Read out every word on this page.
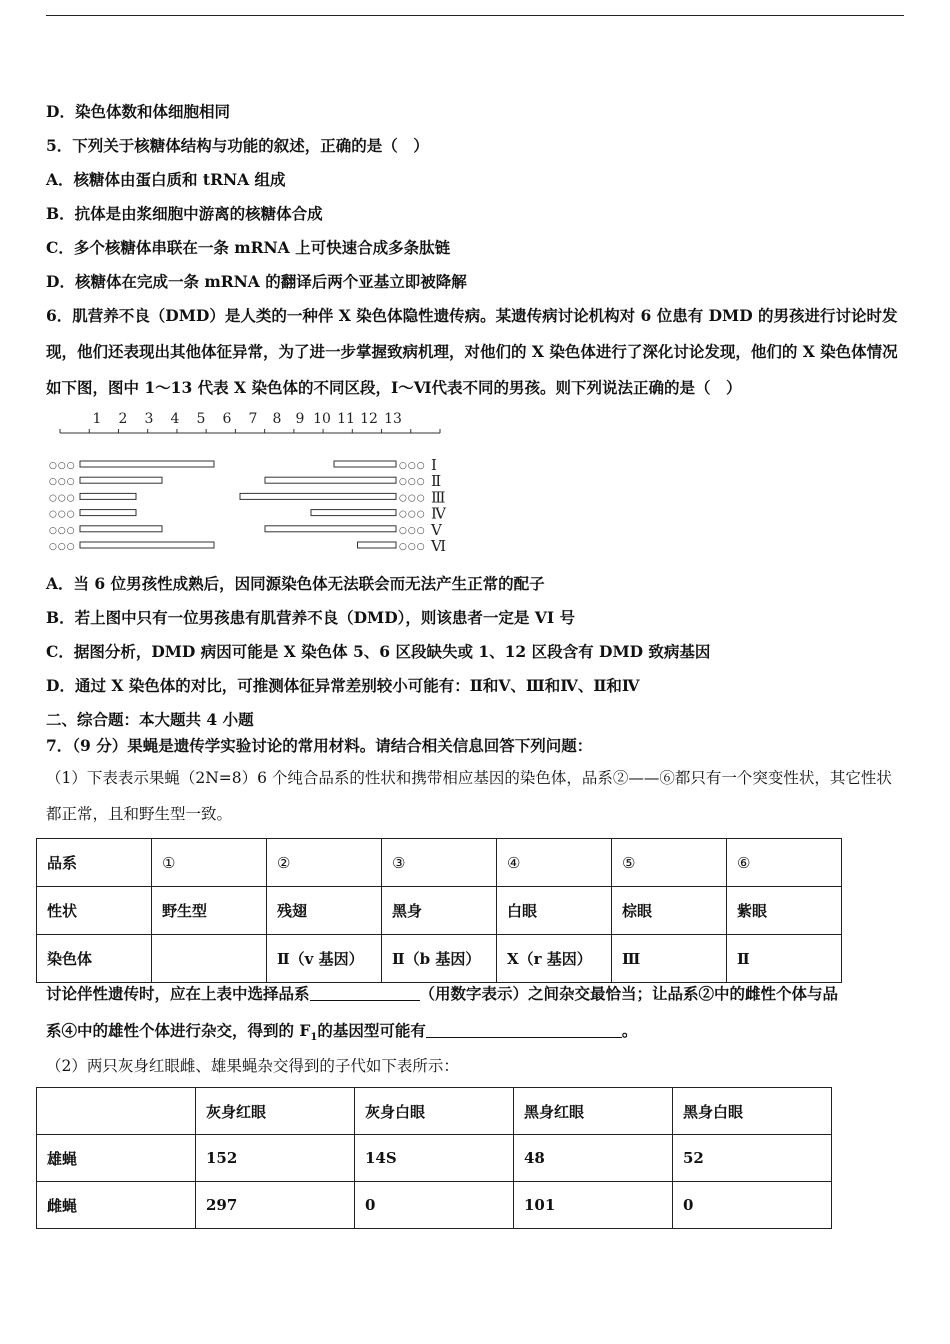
D．染色体数和体细胞相同
5．下列关于核糖体结构与功能的叙述，正确的是（　）
A．核糖体由蛋白质和 tRNA 组成
B．抗体是由浆细胞中游离的核糖体合成
C．多个核糖体串联在一条 mRNA 上可快速合成多条肽链
D．核糖体在完成一条 mRNA 的翻译后两个亚基立即被降解
6．肌营养不良（DMD）是人类的一种伴 X 染色体隐性遗传病。某遗传病讨论机构对 6 位患有 DMD 的男孩进行讨论时发现，他们还表现出其他体征异常，为了进一步掌握致病机理，对他们的 X 染色体进行了深化讨论发现，他们的 X 染色体情况如下图，图中 1～13 代表 X 染色体的不同区段，Ⅰ～Ⅵ代表不同的男孩。则下列说法正确的是（　）
1 2 3 4 5 6 7 8 9 10 11 12 13
○○○	○○○ Ⅰ
○○○	○○○ Ⅱ
○○○	○○○ Ⅲ
○○○	○○○ Ⅳ
○○○	○○○ Ⅴ
○○○	○○○ Ⅵ
A．当 6 位男孩性成熟后，因同源染色体无法联会而无法产生正常的配子
B．若上图中只有一位男孩患有肌营养不良（DMD），则该患者一定是 VI 号
C．据图分析，DMD 病因可能是 X 染色体 5、6 区段缺失或 1、12 区段含有 DMD 致病基因
D．通过 X 染色体的对比，可推测体征异常差别较小可能有：Ⅱ和Ⅴ、Ⅲ和Ⅳ、Ⅱ和Ⅳ
二、综合题：本大题共 4 小题
7．（9 分）果蝇是遗传学实验讨论的常用材料。请结合相关信息回答下列问题：
（1）下表表示果蝇（2N=8）6 个纯合品系的性状和携带相应基因的染色体，品系②——⑥都只有一个突变性状，其它性状都正常，且和野生型一致。
品系	①	②	③	④	⑤	⑥
性状	野生型	残翅	黑身	白眼	棕眼	紫眼
染色体		Ⅱ（v 基因）	Ⅱ（b 基因）	X（r 基因）	Ⅲ	Ⅱ
讨论伴性遗传时，应在上表中选择品系	（用数字表示）之间杂交最恰当；让品系②中的雌性个体与品
系④中的雄性个体进行杂交，得到的 $F_1$的基因型可能有	。
（2）两只灰身红眼雌、雄果蝇杂交得到的子代如下表所示：
	灰身红眼	灰身白眼	黑身红眼	黑身白眼
雄蝇	152	14S	48	52
雌蝇	297	0	101	0
